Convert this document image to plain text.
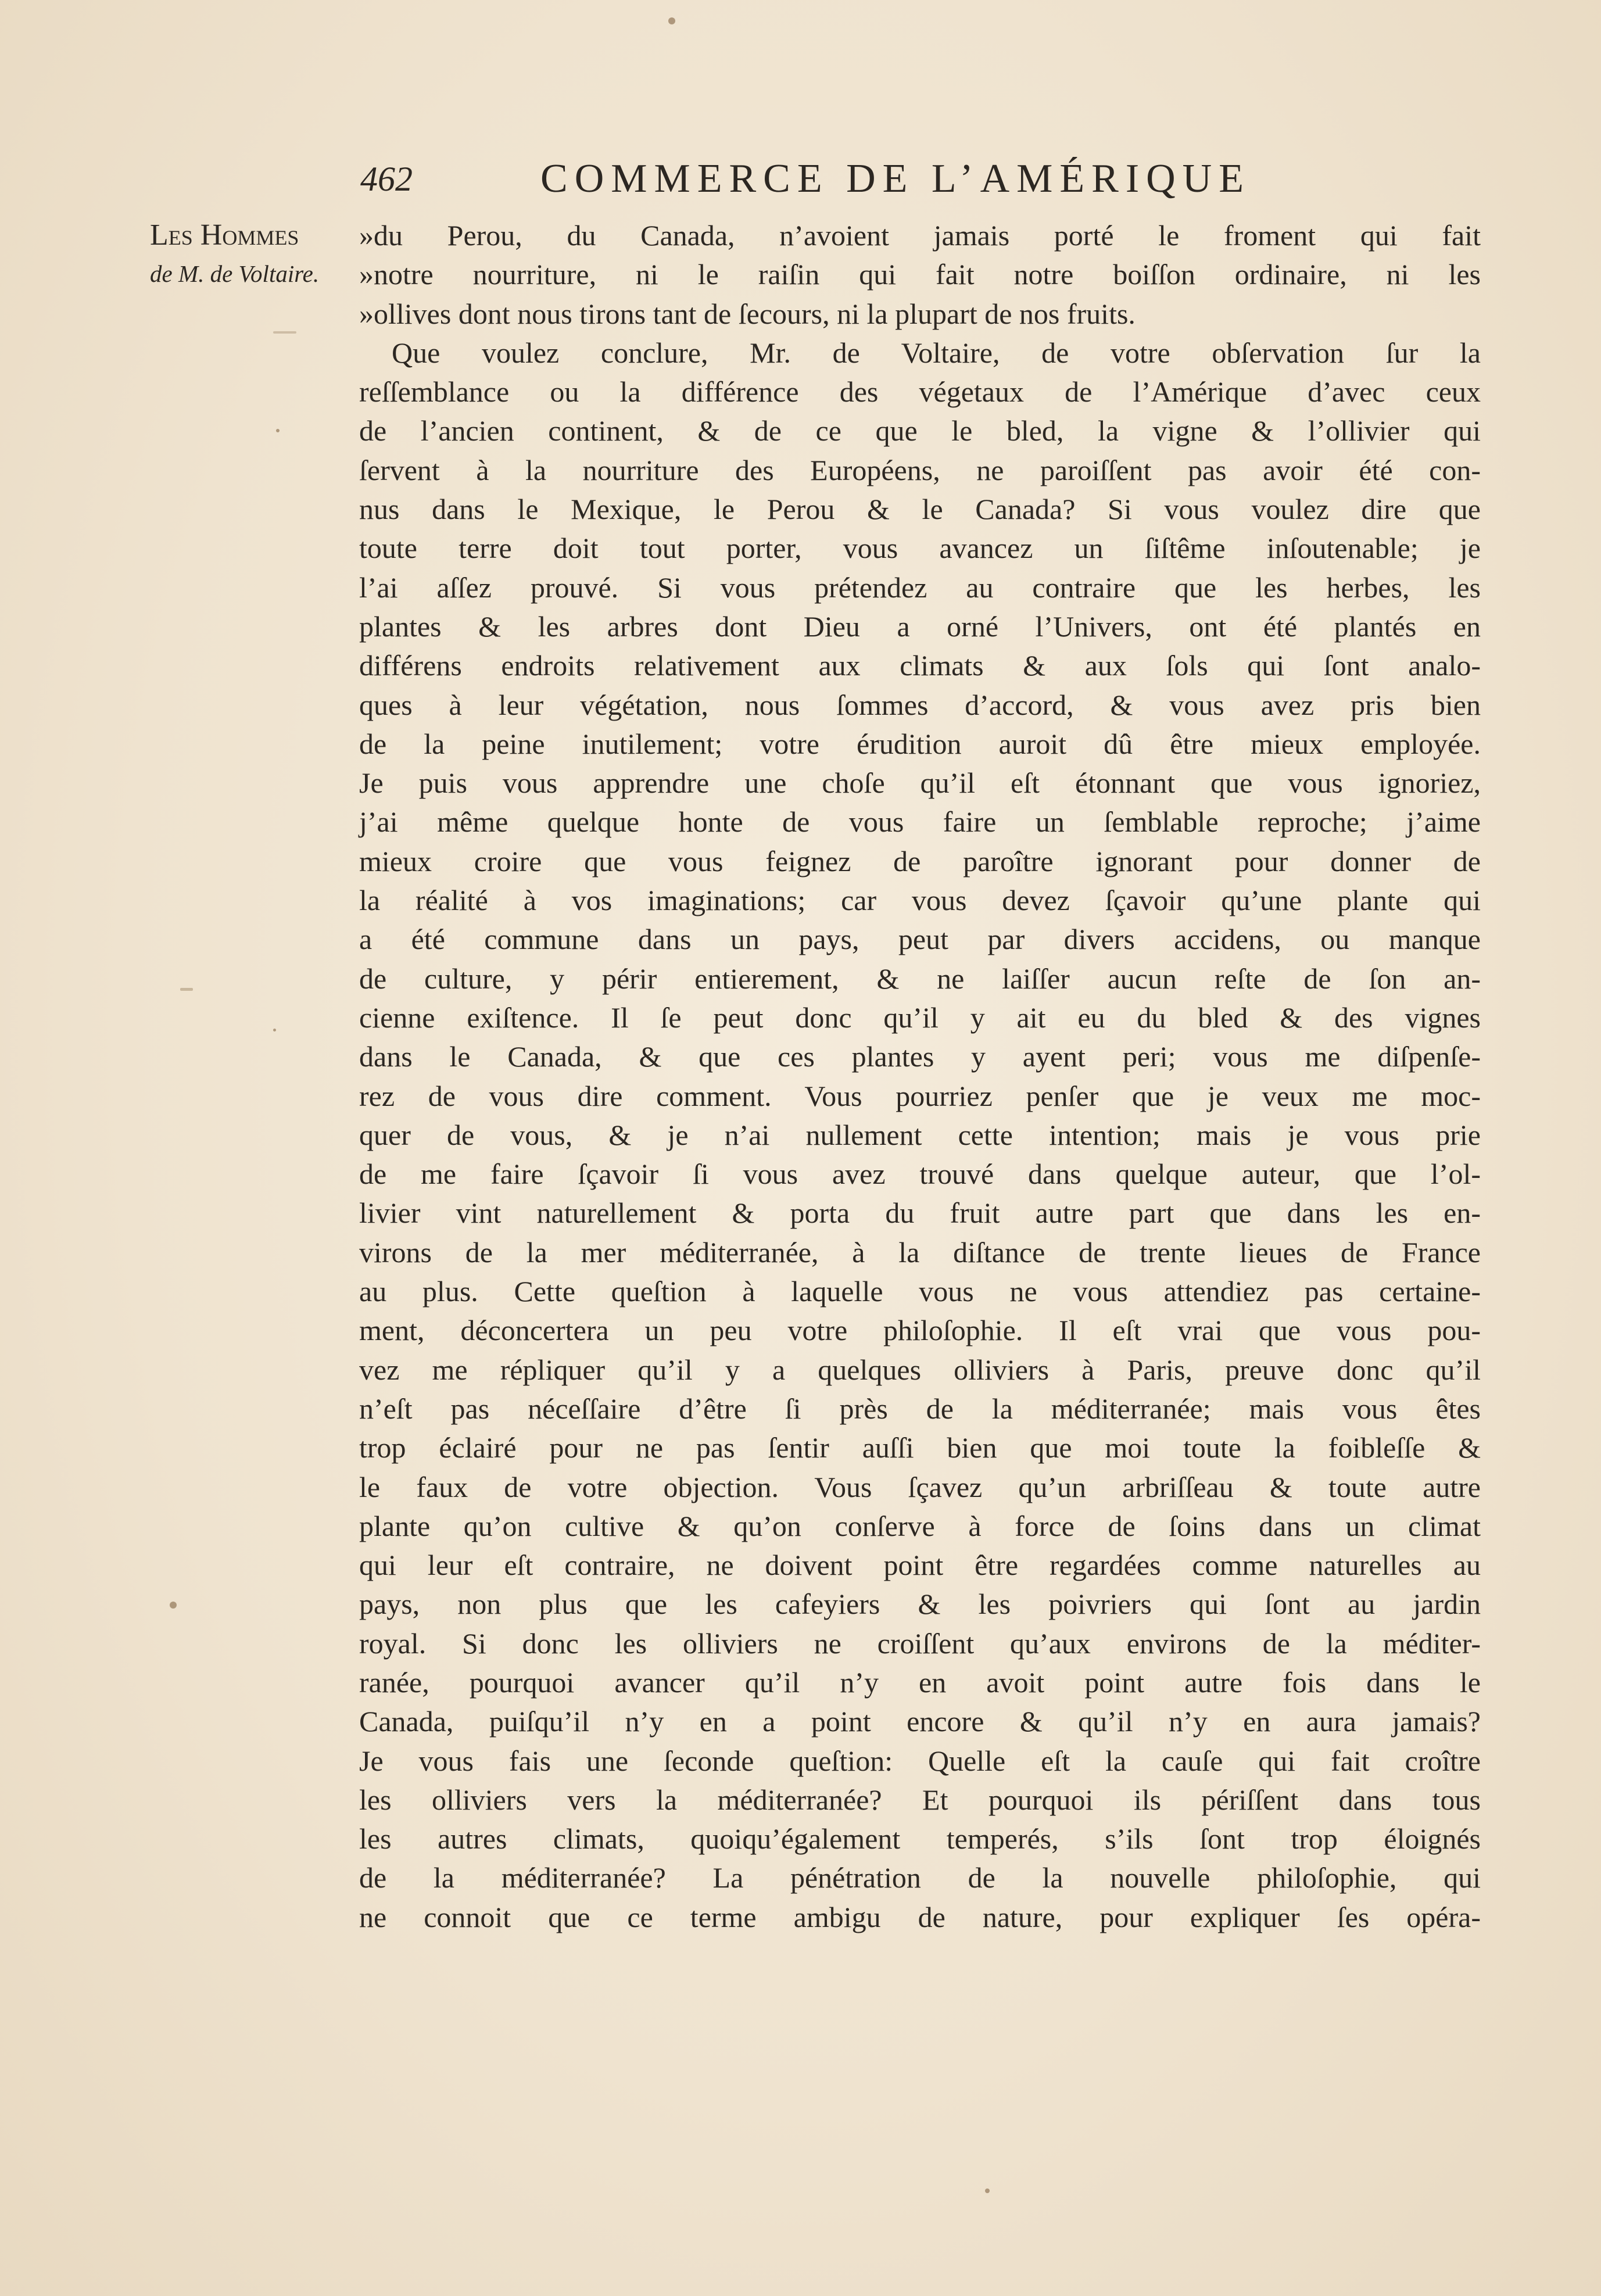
462	COMMERCE DE L’AMÉRIQUE
Les Hommes
de M. de Voltaire.
»du Perou, du Canada, n’avoient jamais porté le froment qui fait
»notre nourriture, ni le raiſin qui fait notre boiſſon ordinaire, ni les
»ollives dont nous tirons tant de ſecours, ni la plupart de nos fruits.
Que voulez conclure, Mr. de Voltaire, de votre obſervation ſur la
reſſemblance ou la différence des végetaux de l’Amérique d’avec ceux
de l’ancien continent, & de ce que le bled, la vigne & l’ollivier qui
ſervent à la nourriture des Européens, ne paroiſſent pas avoir été con-
nus dans le Mexique, le Perou & le Canada? Si vous voulez dire que
toute terre doit tout porter, vous avancez un ſiſtême inſoutenable; je
l’ai aſſez prouvé. Si vous prétendez au contraire que les herbes, les
plantes & les arbres dont Dieu a orné l’Univers, ont été plantés en
différens endroits relativement aux climats & aux ſols qui ſont analo-
ques à leur végétation, nous ſommes d’accord, & vous avez pris bien
de la peine inutilement; votre érudition auroit dû être mieux employée.
Je puis vous apprendre une choſe qu’il eſt étonnant que vous ignoriez,
j’ai même quelque honte de vous faire un ſemblable reproche; j’aime
mieux croire que vous feignez de paroître ignorant pour donner de
la réalité à vos imaginations; car vous devez ſçavoir qu’une plante qui
a été commune dans un pays, peut par divers accidens, ou manque
de culture, y périr entierement, & ne laiſſer aucun reſte de ſon an-
cienne exiſtence. Il ſe peut donc qu’il y ait eu du bled & des vignes
dans le Canada, & que ces plantes y ayent peri; vous me diſpenſe-
rez de vous dire comment. Vous pourriez penſer que je veux me moc-
quer de vous, & je n’ai nullement cette intention; mais je vous prie
de me faire ſçavoir ſi vous avez trouvé dans quelque auteur, que l’ol-
livier vint naturellement & porta du fruit autre part que dans les en-
virons de la mer méditerranée, à la diſtance de trente lieues de France
au plus. Cette queſtion à laquelle vous ne vous attendiez pas certaine-
ment, déconcertera un peu votre philoſophie. Il eſt vrai que vous pou-
vez me répliquer qu’il y a quelques olliviers à Paris, preuve donc qu’il
n’eſt pas néceſſaire d’être ſi près de la méditerranée; mais vous êtes
trop éclairé pour ne pas ſentir auſſi bien que moi toute la foibleſſe &
le faux de votre objection. Vous ſçavez qu’un arbriſſeau & toute autre
plante qu’on cultive & qu’on conſerve à force de ſoins dans un climat
qui leur eſt contraire, ne doivent point être regardées comme naturelles au
pays, non plus que les cafeyiers & les poivriers qui ſont au jardin
royal. Si donc les olliviers ne croiſſent qu’aux environs de la méditer-
ranée, pourquoi avancer qu’il n’y en avoit point autre fois dans le
Canada, puiſqu’il n’y en a point encore & qu’il n’y en aura jamais?
Je vous fais une ſeconde queſtion: Quelle eſt la cauſe qui fait croître
les olliviers vers la méditerranée? Et pourquoi ils périſſent dans tous
les autres climats, quoiqu’également temperés, s’ils ſont trop éloignés
de la méditerranée? La pénétration de la nouvelle philoſophie, qui
ne connoit que ce terme ambigu de nature, pour expliquer ſes opéra-
